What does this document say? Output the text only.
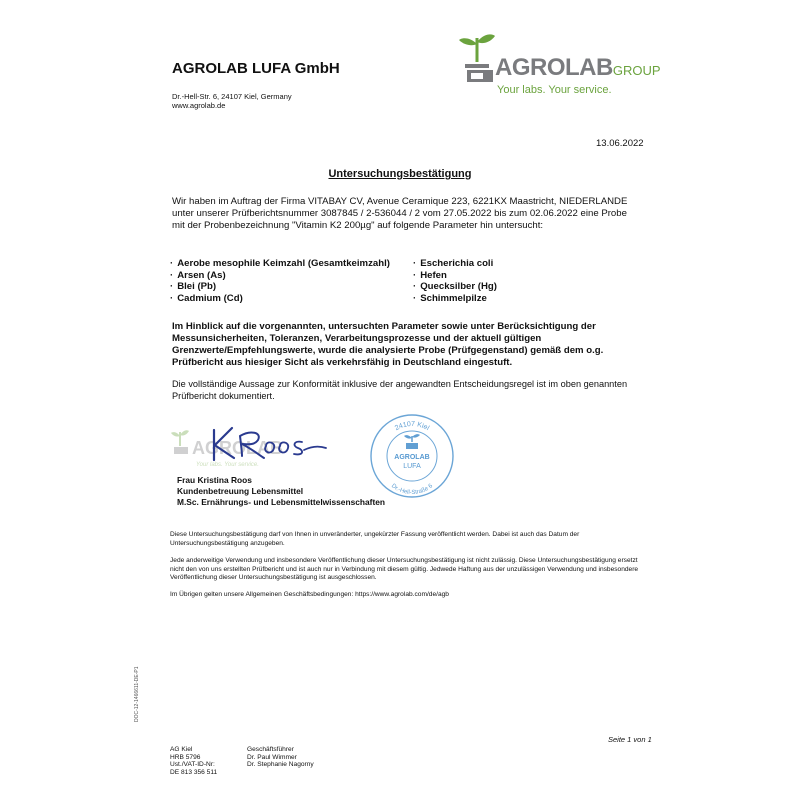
AGROLAB LUFA GmbH
Dr.-Hell-Str. 6, 24107 Kiel, Germany
www.agrolab.de
AGROLABGROUP
Your labs. Your service.
13.06.2022
Untersuchungsbestätigung
Wir haben im Auftrag der Firma VITABAY CV, Avenue Ceramique 223, 6221KX Maastricht, NIEDERLANDE unter unserer Prüfberichtsnummer 3087845 / 2-536044 / 2 vom 27.05.2022 bis zum 02.06.2022 eine Probe mit der Probenbezeichnung "Vitamin K2 200µg" auf folgende Parameter hin untersucht:
· Aerobe mesophile Keimzahl (Gesamtkeimzahl)
· Arsen (As)
· Blei (Pb)
· Cadmium (Cd)
· Escherichia coli
· Hefen
· Quecksilber (Hg)
· Schimmelpilze
Im Hinblick auf die vorgenannten, untersuchten Parameter sowie unter Berücksichtigung der Messunsicherheiten, Toleranzen, Verarbeitungsprozesse und der aktuell gültigen Grenzwerte/Empfehlungswerte, wurde die analysierte Probe (Prüfgegenstand) gemäß dem o.g. Prüfbericht aus hiesiger Sicht als verkehrsfähig in Deutschland eingestuft.
Die vollständige Aussage zur Konformität inklusive der angewandten Entscheidungsregel ist im oben genannten Prüfbericht dokumentiert.
AGROLAB
Your labs. Your service.
24107 Kiel
Dr.-Hell-Straße 6
AGROLAB
LUFA
Frau Kristina Roos
Kundenbetreuung Lebensmittel
M.Sc. Ernährungs- und Lebensmittelwissenschaften
Diese Untersuchungsbestätigung darf von Ihnen in unveränderter, ungekürzter Fassung veröffentlicht werden. Dabei ist auch das Datum der Untersuchungsbestätigung anzugeben.
Jede anderweitige Verwendung und insbesondere Veröffentlichung dieser Untersuchungsbestätigung ist nicht zulässig. Diese Untersuchungsbestätigung ersetzt nicht den von uns erstellten Prüfbericht und ist auch nur in Verbindung mit diesem gültig. Jedwede Haftung aus der unzulässigen Verwendung und insbesondere Veröffentlichung dieser Untersuchungsbestätigung ist ausgeschlossen.
Im Übrigen gelten unsere Allgemeinen Geschäftsbedingungen: https://www.agrolab.com/de/agb
DOC-12-1466611-DE-P1
Seite 1 von 1
AG Kiel
HRB 5796
Ust./VAT-ID-Nr:
DE 813 356 511
Geschäftsführer
Dr. Paul Wimmer
Dr. Stephanie Nagorny
